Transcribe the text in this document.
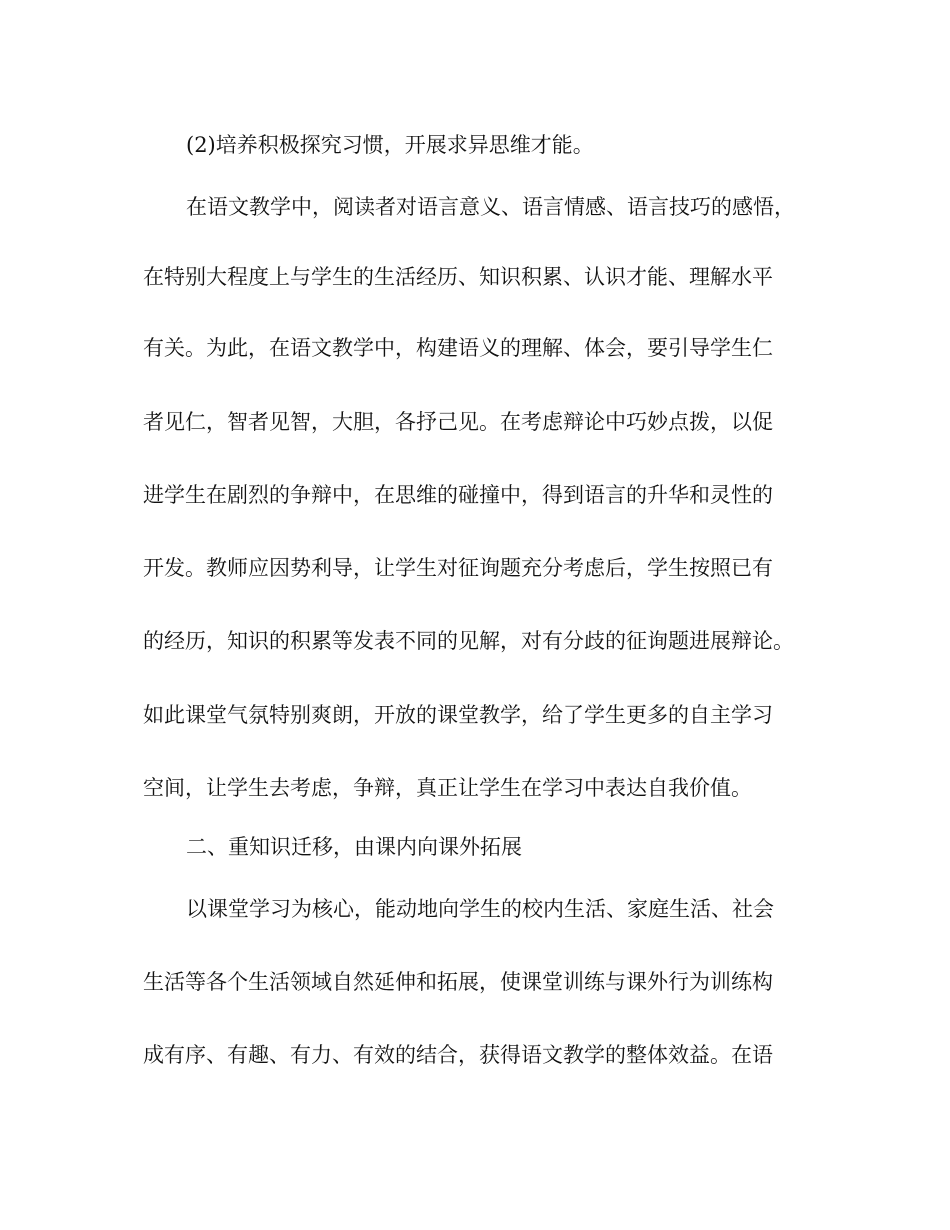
(2)培养积极探究习惯，开展求异思维才能。
在语文教学中，阅读者对语言意义、语言情感、语言技巧的感悟，
在特别大程度上与学生的生活经历、知识积累、认识才能、理解水平
有关。为此，在语文教学中，构建语义的理解、体会，要引导学生仁
者见仁，智者见智，大胆，各抒己见。在考虑辩论中巧妙点拨，以促
进学生在剧烈的争辩中，在思维的碰撞中，得到语言的升华和灵性的
开发。教师应因势利导，让学生对征询题充分考虑后，学生按照已有
的经历，知识的积累等发表不同的见解，对有分歧的征询题进展辩论。
如此课堂气氛特别爽朗，开放的课堂教学，给了学生更多的自主学习
空间，让学生去考虑，争辩，真正让学生在学习中表达自我价值。
二、重知识迁移，由课内向课外拓展
以课堂学习为核心，能动地向学生的校内生活、家庭生活、社会
生活等各个生活领域自然延伸和拓展，使课堂训练与课外行为训练构
成有序、有趣、有力、有效的结合，获得语文教学的整体效益。在语
